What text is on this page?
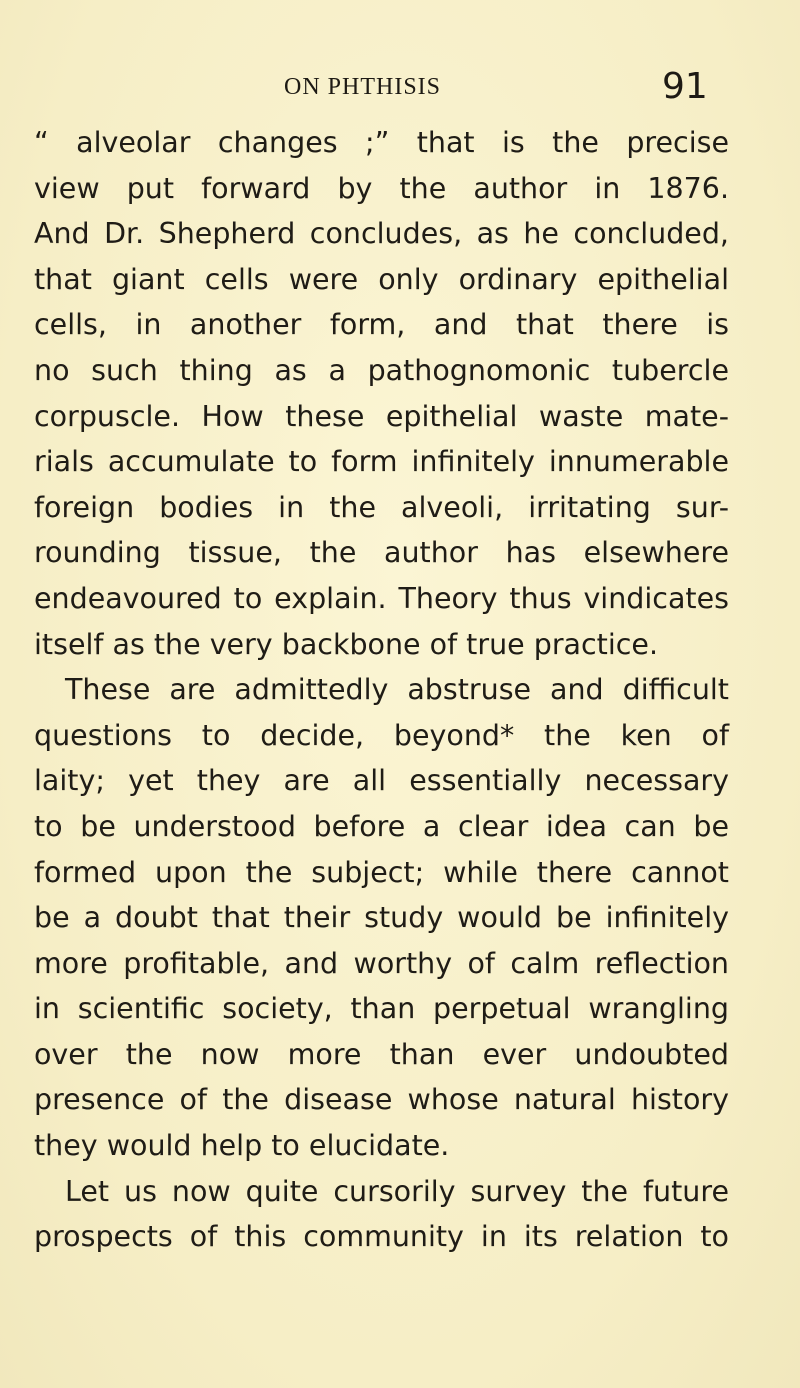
ON PHTHISIS	91
“ alveolar changes ;” that is the precise
view put forward by the author in 1876.
And Dr. Shepherd concludes, as he concluded,
that giant cells were only ordinary epithelial
cells, in another form, and that there is
no such thing as a pathognomonic tubercle
corpuscle. How these epithelial waste mate-
rials accumulate to form infinitely innumerable
foreign bodies in the alveoli, irritating sur-
rounding tissue, the author has elsewhere
endeavoured to explain. Theory thus vindicates
itself as the very backbone of true practice.
These are admittedly abstruse and difficult
questions to decide, beyond* the ken of
laity; yet they are all essentially necessary
to be understood before a clear idea can be
formed upon the subject; while there cannot
be a doubt that their study would be infinitely
more profitable, and worthy of calm reflection
in scientific society, than perpetual wrangling
over the now more than ever undoubted
presence of the disease whose natural history
they would help to elucidate.
Let us now quite cursorily survey the future
prospects of this community in its relation to
